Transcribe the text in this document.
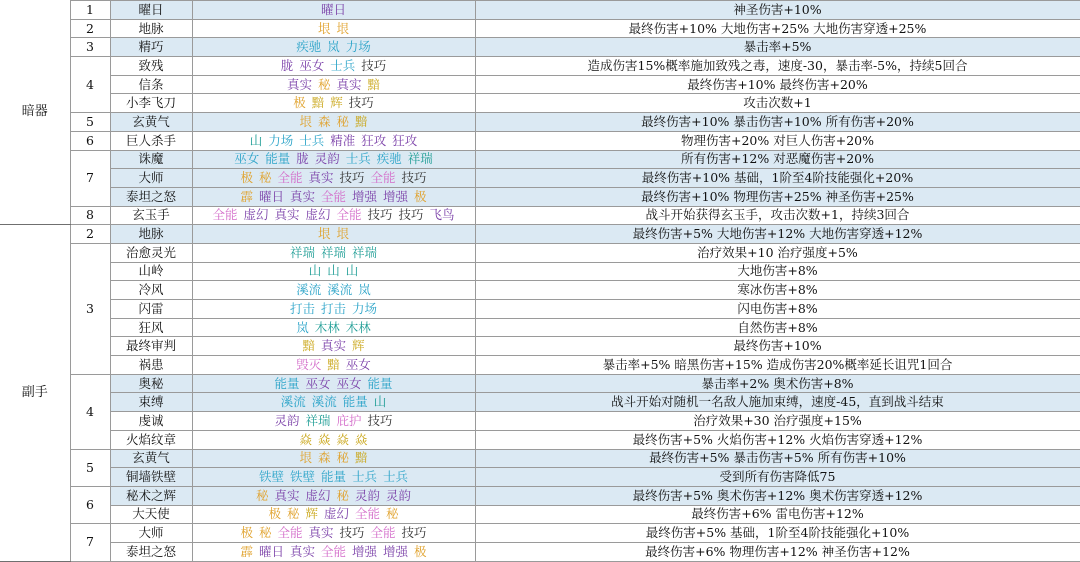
暗器	1	曜日	曜日	神圣伤害+10%
	2	地脉	垠 垠	最终伤害+10% 大地伤害+25% 大地伤害穿透+25%
	3	精巧	疾驰 岚 力场	暴击率+5%
	4	致残	胧 巫女 士兵 技巧	造成伤害15%概率施加致残之毒，速度-30，暴击率-5%，持续5回合
		信条	真实 秘 真实 黯	最终伤害+10% 最终伤害+20%
		小李飞刀	极 黯 辉 技巧	攻击次数+1
	5	玄黄气	垠 森 秘 黯	最终伤害+10% 暴击伤害+10% 所有伤害+20%
	6	巨人杀手	山 力场 士兵 精准 狂攻 狂攻	物理伤害+20% 对巨人伤害+20%
	7	诛魔	巫女 能量 胧 灵韵 士兵 疾驰 祥瑞	所有伤害+12% 对恶魔伤害+20%
		大师	极 秘 全能 真实 技巧 全能 技巧	最终伤害+10% 基础，1阶至4阶技能强化+20%
		泰坦之怒	霹 曜日 真实 全能 增强 增强 极	最终伤害+10% 物理伤害+25% 神圣伤害+25%
	8	玄玉手	全能 虚幻 真实 虚幻 全能 技巧 技巧 飞鸟	战斗开始获得玄玉手，攻击次数+1，持续3回合
副手	2	地脉	垠 垠	最终伤害+5% 大地伤害+12% 大地伤害穿透+12%
	3	治愈灵光	祥瑞 祥瑞 祥瑞	治疗效果+10 治疗强度+5%
		山岭	山 山 山	大地伤害+8%
		冷风	溪流 溪流 岚	寒冰伤害+8%
		闪雷	打击 打击 力场	闪电伤害+8%
		狂风	岚 木林 木林	自然伤害+8%
		最终审判	黯 真实 辉	最终伤害+10%
		祸患	毁灭 黯 巫女	暴击率+5% 暗黑伤害+15% 造成伤害20%概率延长诅咒1回合
	4	奥秘	能量 巫女 巫女 能量	暴击率+2% 奥术伤害+8%
		束缚	溪流 溪流 能量 山	战斗开始对随机一名敌人施加束缚，速度-45，直到战斗结束
		虔诚	灵韵 祥瑞 庇护 技巧	治疗效果+30 治疗强度+15%
		火焰纹章	焱 焱 焱 焱	最终伤害+5% 火焰伤害+12% 火焰伤害穿透+12%
	5	玄黄气	垠 森 秘 黯	最终伤害+5% 暴击伤害+5% 所有伤害+10%
		铜墙铁壁	铁壁 铁壁 能量 士兵 士兵	受到所有伤害降低75
	6	秘术之辉	秘 真实 虚幻 秘 灵韵 灵韵	最终伤害+5% 奥术伤害+12% 奥术伤害穿透+12%
		大天使	极 秘 辉 虚幻 全能 秘	最终伤害+6% 雷电伤害+12%
	7	大师	极 秘 全能 真实 技巧 全能 技巧	最终伤害+5% 基础，1阶至4阶技能强化+10%
		泰坦之怒	霹 曜日 真实 全能 增强 增强 极	最终伤害+6% 物理伤害+12% 神圣伤害+12%
